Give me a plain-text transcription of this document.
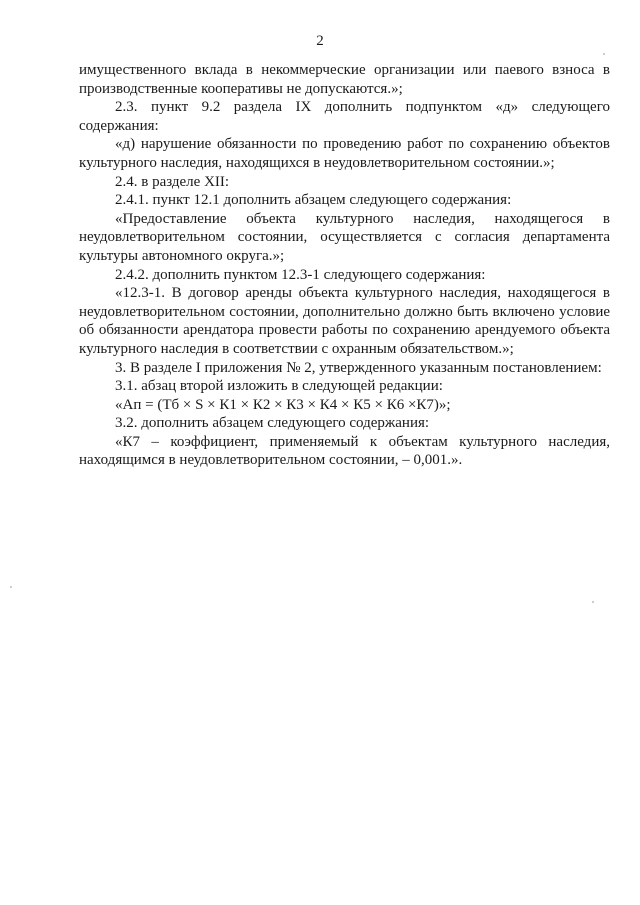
2

имущественного вклада в некоммерческие организации или паевого взноса в производственные кооперативы не допускаются.»;

2.3. пункт 9.2 раздела IX дополнить подпунктом «д» следующего содержания:

«д) нарушение обязанности по проведению работ по сохранению объектов культурного наследия, находящихся в неудовлетворительном состоянии.»;

2.4. в разделе XII:

2.4.1. пункт 12.1 дополнить абзацем следующего содержания:

«Предоставление объекта культурного наследия, находящегося в неудовлетворительном состоянии, осуществляется с согласия департамента культуры автономного округа.»;

2.4.2. дополнить пунктом 12.3-1 следующего содержания:

«12.3-1. В договор аренды объекта культурного наследия, находящегося в неудовлетворительном состоянии, дополнительно должно быть включено условие об обязанности арендатора провести работы по сохранению арендуемого объекта культурного наследия в соответствии с охранным обязательством.»;

3. В разделе I приложения № 2, утвержденного указанным постановлением:

3.1. абзац второй изложить в следующей редакции:

«Ап = (Тб × S × К1 × К2 × К3 × К4 × К5 × К6 ×К7)»;

3.2. дополнить абзацем следующего содержания:

«К7 – коэффициент, применяемый к объектам культурного наследия, находящимся в неудовлетворительном состоянии, – 0,001.».
